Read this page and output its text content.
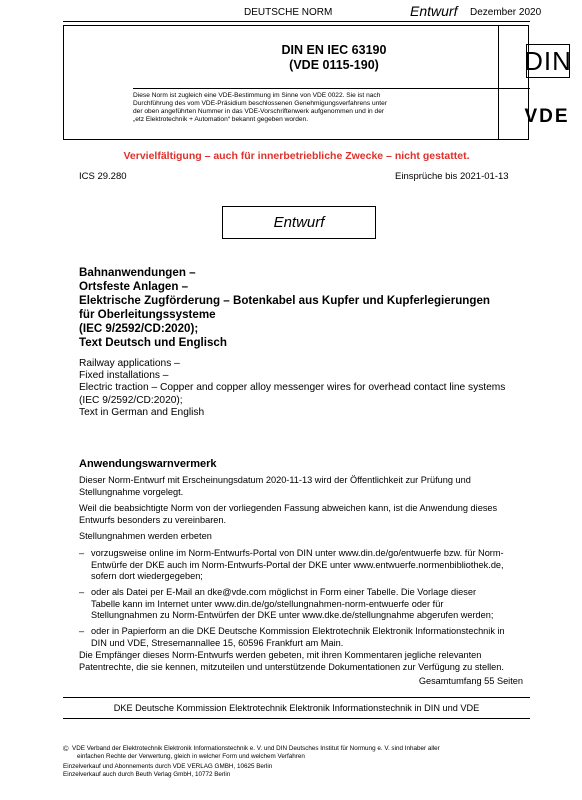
DEUTSCHE NORM	Entwurf Dezember 2020
DIN EN IEC 63190
(VDE 0115-190)
Diese Norm ist zugleich eine VDE-Bestimmung im Sinne von VDE 0022. Sie ist nach
Durchführung des vom VDE-Präsidium beschlossenen Genehmigungsverfahrens unter
der oben angeführten Nummer in das VDE-Vorschriftenwerk aufgenommen und in der
„etz Elektrotechnik + Automation“ bekannt gegeben worden.
DIN
VDE
Vervielfältigung – auch für innerbetriebliche Zwecke – nicht gestattet.
ICS 29.280	Einsprüche bis 2021-01-13
Entwurf
Bahnanwendungen –
Ortsfeste Anlagen –
Elektrische Zugförderung – Botenkabel aus Kupfer und Kupferlegierungen
für Oberleitungssysteme
(IEC 9/2592/CD:2020);
Text Deutsch und Englisch
Railway applications –
Fixed installations –
Electric traction – Copper and copper alloy messenger wires for overhead contact line systems
(IEC 9/2592/CD:2020);
Text in German and English
Anwendungswarnvermerk
Dieser Norm-Entwurf mit Erscheinungsdatum 2020-11-13 wird der Öffentlichkeit zur Prüfung und
Stellungnahme vorgelegt.
Weil die beabsichtigte Norm von der vorliegenden Fassung abweichen kann, ist die Anwendung dieses
Entwurfs besonders zu vereinbaren.
Stellungnahmen werden erbeten
– vorzugsweise online im Norm-Entwurfs-Portal von DIN unter www.din.de/go/entwuerfe bzw. für Norm-
Entwürfe der DKE auch im Norm-Entwurfs-Portal der DKE unter www.entwuerfe.normenbibliothek.de,
sofern dort wiedergegeben;
– oder als Datei per E-Mail an dke@vde.com möglichst in Form einer Tabelle. Die Vorlage dieser
Tabelle kann im Internet unter www.din.de/go/stellungnahmen-norm-entwuerfe oder für
Stellungnahmen zu Norm-Entwürfen der DKE unter www.dke.de/stellungnahme abgerufen werden;
– oder in Papierform an die DKE Deutsche Kommission Elektrotechnik Elektronik Informationstechnik in
DIN und VDE, Stresemannallee 15, 60596 Frankfurt am Main.
Die Empfänger dieses Norm-Entwurfs werden gebeten, mit ihren Kommentaren jegliche relevanten
Patentrechte, die sie kennen, mitzuteilen und unterstützende Dokumentationen zur Verfügung zu stellen.
Gesamtumfang 55 Seiten
DKE Deutsche Kommission Elektrotechnik Elektronik Informationstechnik in DIN und VDE
© VDE Verband der Elektrotechnik Elektronik Informationstechnik e. V. und DIN Deutsches Institut für Normung e. V. sind Inhaber aller
einfachen Rechte der Verwertung, gleich in welcher Form und welchem Verfahren
Einzelverkauf und Abonnements durch VDE VERLAG GMBH, 10625 Berlin
Einzelverkauf auch durch Beuth Verlag GmbH, 10772 Berlin
